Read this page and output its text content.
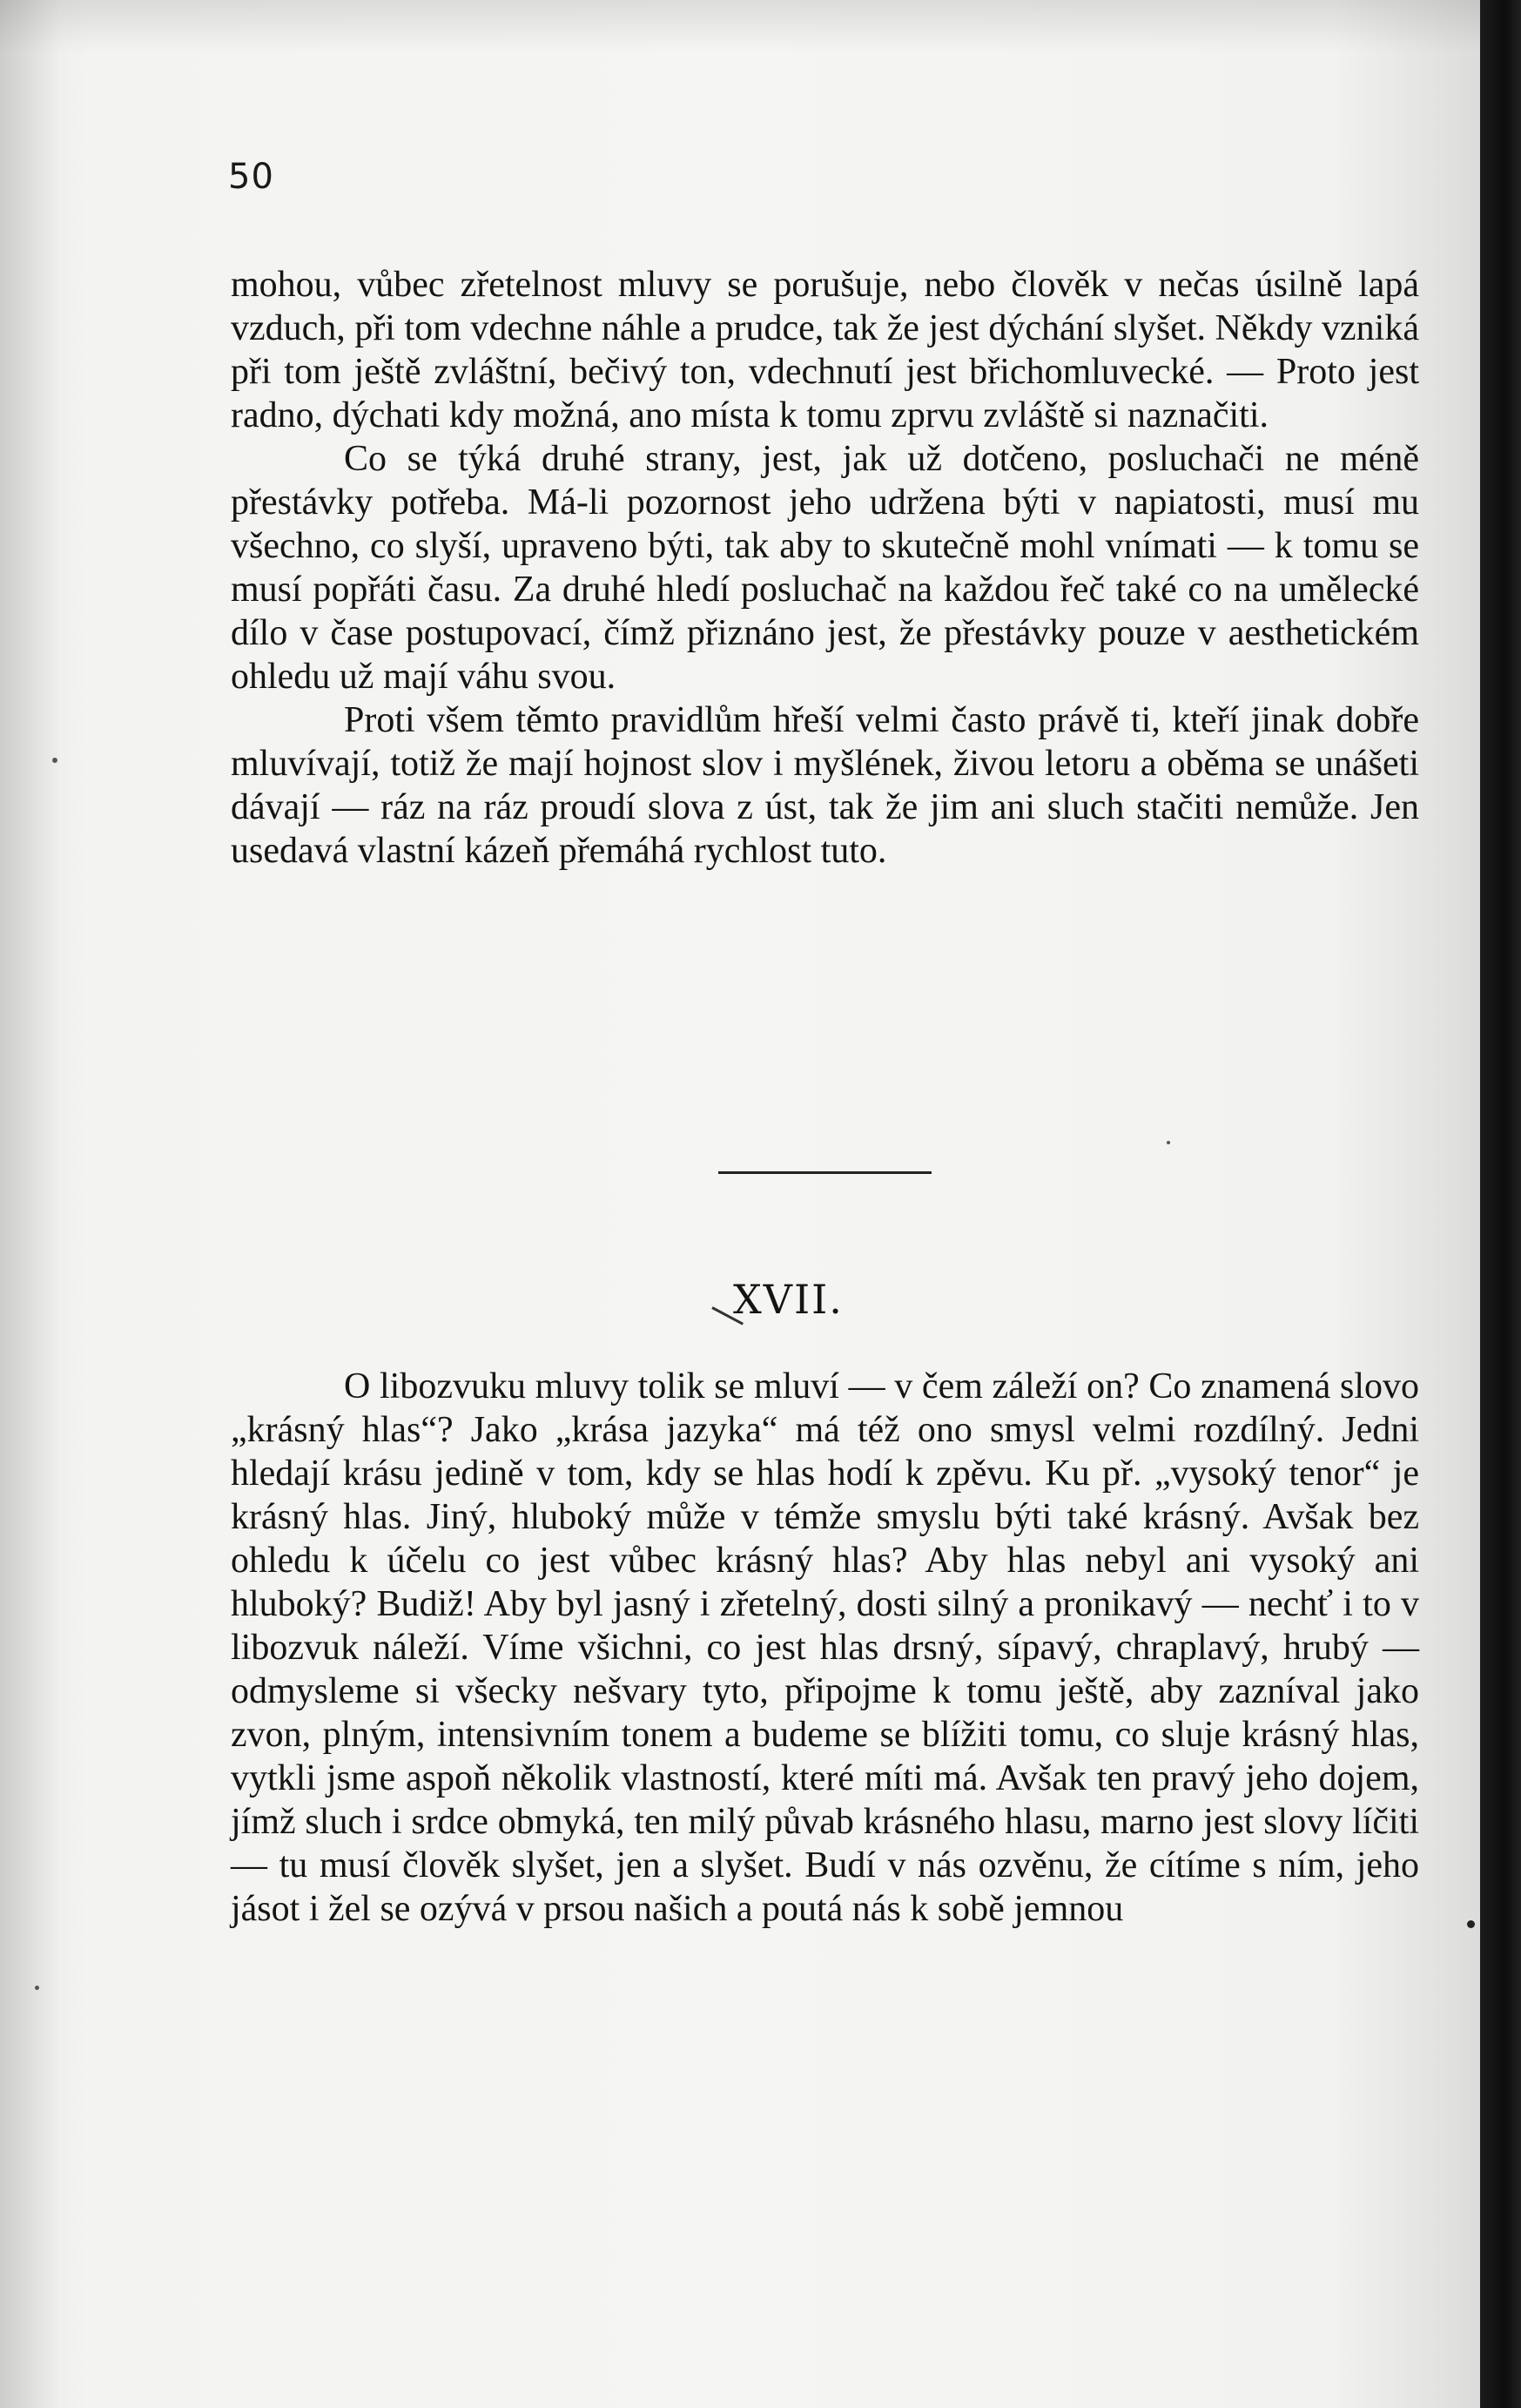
50

mohou, vůbec zřetelnost mluvy se porušuje, nebo člověk v nečas úsilně lapá vzduch, při tom vdechne náhle a prudce, tak že jest dýchání slyšet. Někdy vzniká při tom ještě zvláštní, bečivý ton, vdechnutí jest břichomluvecké. — Proto jest radno, dýchati kdy možná, ano místa k tomu zprvu zvláště si naznačiti.

Co se týká druhé strany, jest, jak už dotčeno, posluchači ne méně přestávky potřeba. Má-li pozornost jeho udržena býti v napiatosti, musí mu všechno, co slyší, upraveno býti, tak aby to skutečně mohl vnímati — k tomu se musí popřáti času. Za druhé hledí posluchač na každou řeč také co na umělecké dílo v čase postupovací, čímž přiznáno jest, že přestávky pouze v aesthetickém ohledu už mají váhu svou.

Proti všem těmto pravidlům hřeší velmi často právě ti, kteří jinak dobře mluvívají, totiž že mají hojnost slov i myšlének, živou letoru a oběma se unášeti dávají — ráz na ráz proudí slova z úst, tak že jim ani sluch stačiti nemůže. Jen usedavá vlastní kázeň přemáhá rychlost tuto.

XVII.

O libozvuku mluvy tolik se mluví — v čem záleží on? Co znamená slovo „krásný hlas“? Jako „krása jazyka“ má též ono smysl velmi rozdílný. Jedni hledají krásu jedině v tom, kdy se hlas hodí k zpěvu. Ku př. „vysoký tenor“ je krásný hlas. Jiný, hluboký může v témže smyslu býti také krásný. Avšak bez ohledu k účelu co jest vůbec krásný hlas? Aby hlas nebyl ani vysoký ani hluboký? Budiž! Aby byl jasný i zřetelný, dosti silný a pronikavý — nechť i to v libozvuk náleží. Víme všichni, co jest hlas drsný, sípavý, chraplavý, hrubý — odmysleme si všecky nešvary tyto, připojme k tomu ještě, aby zazníval jako zvon, plným, intensivním tonem a budeme se blížiti tomu, co sluje krásný hlas, vytkli jsme aspoň několik vlastností, které míti má. Avšak ten pravý jeho dojem, jímž sluch i srdce obmyká, ten milý půvab krásného hlasu, marno jest slovy líčiti — tu musí člověk slyšet, jen a slyšet. Budí v nás ozvěnu, že cítíme s ním, jeho jásot i žel se ozývá v prsou našich a poutá nás k sobě jemnou
